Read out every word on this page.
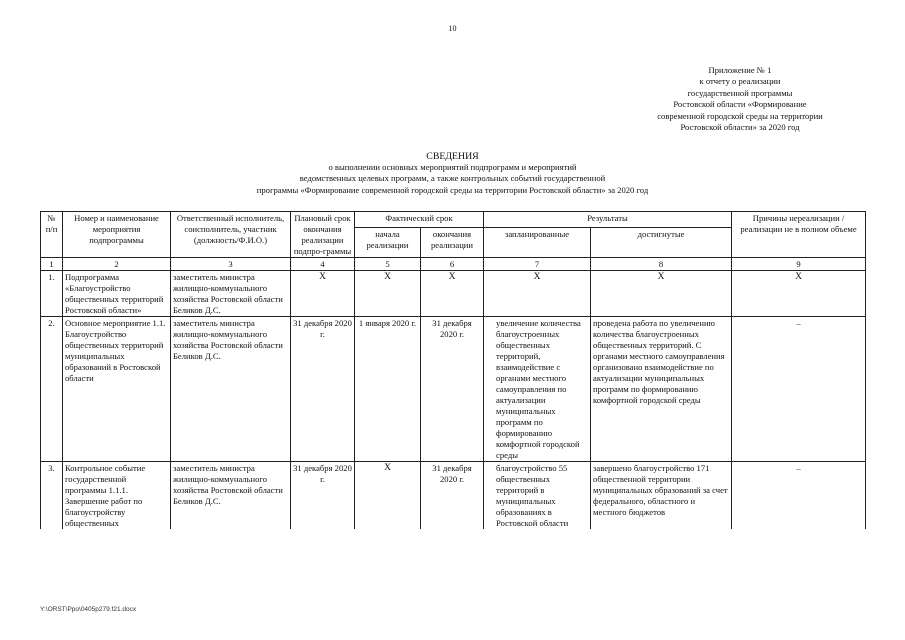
10
Приложение № 1
к отчету о реализации
государственной программы
Ростовской области «Формирование
современной городской среды на территории
Ростовской области» за 2020 год
СВЕДЕНИЯ
о выполнении основных мероприятий подпрограмм и мероприятий
ведомственных целевых программ, а также контрольных событий государственной
программы «Формирование современной городской среды на территории Ростовской области» за 2020 год
№ п/п	Номер и наименование мероприятия подпрограммы	Ответственный исполнитель, соисполнитель, участник (должность/Ф.И.О.)	Плановый срок окончания реализации подпро-граммы	Фактический срок		Результаты		Причины нереализации / реализации не в полном объеме
				начала реализации	окончания реализации	запланированные	достигнутые	
1	2	3	4	5	6	7	8	9
1.	Подпрограмма «Благоустройство общественных территорий Ростовской области»	заместитель министра жилищно-коммунального хозяйства Ростовской области Беликов Д.С.	Х	Х	Х	Х	Х	Х
2.	Основное мероприятие 1.1. Благоустройство общественных территорий муниципальных образований в Ростовской области	заместитель министра жилищно-коммунального хозяйства Ростовской области Беликов Д.С.	31 декабря 2020 г.	1 января 2020 г.	31 декабря 2020 г.	увеличение количества благоустроенных общественных территорий, взаимодействие с органами местного самоуправления по актуализации муниципальных программ по формированию комфортной городской среды	проведена работа по увеличению количества благоустроенных общественных территорий. С органами местного самоуправления организовано взаимодействие по актуализации муниципальных программ по формированию комфортной городской среды	–
3.	Контрольное событие государственной программы 1.1.1. Завершение работ по благоустройству общественных	заместитель министра жилищно-коммунального хозяйства Ростовской области Беликов Д.С.	31 декабря 2020 г.	Х	31 декабря 2020 г.	благоустройство 55 общественных территорий в муниципальных образованиях в Ростовской области	завершено благоустройство 171 общественной территории муниципальных образований за счет федерального, областного и местного бюджетов	–
Y:\ORST\Ppo\0405p279.f21.docx
